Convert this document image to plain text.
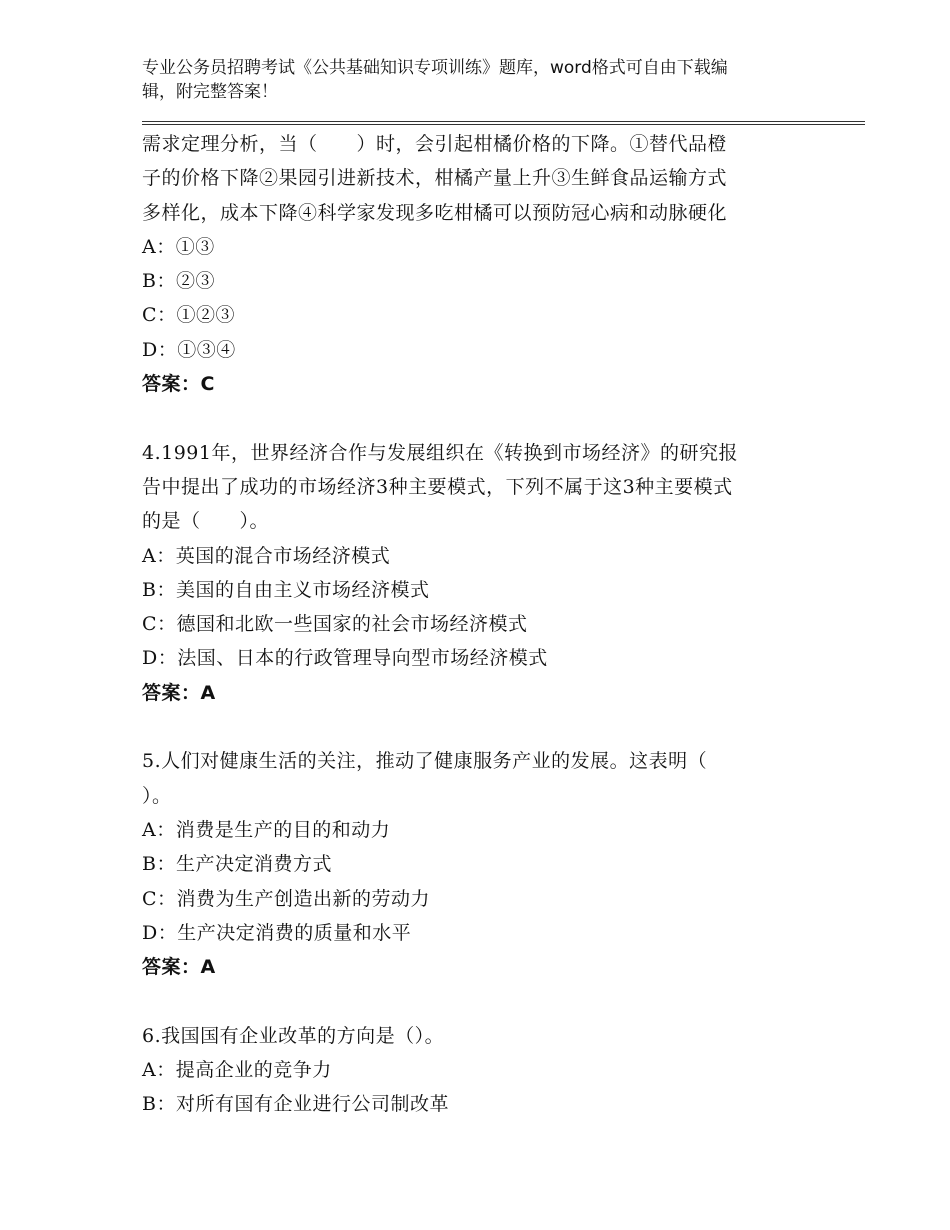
专业公务员招聘考试《公共基础知识专项训练》题库，word格式可自由下载编
辑，附完整答案！
需求定理分析，当（　　）时，会引起柑橘价格的下降。①替代品橙
子的价格下降②果园引进新技术，柑橘产量上升③生鲜食品运输方式
多样化，成本下降④科学家发现多吃柑橘可以预防冠心病和动脉硬化
A：①③
B：②③
C：①②③
D：①③④
答案：C
4.1991年，世界经济合作与发展组织在《转换到市场经济》的研究报
告中提出了成功的市场经济3种主要模式，下列不属于这3种主要模式
的是（　　）。
A：英国的混合市场经济模式
B：美国的自由主义市场经济模式
C：德国和北欧一些国家的社会市场经济模式
D：法国、日本的行政管理导向型市场经济模式
答案：A
5.人们对健康生活的关注，推动了健康服务产业的发展。这表明（
）。
A：消费是生产的目的和动力
B：生产决定消费方式
C：消费为生产创造出新的劳动力
D：生产决定消费的质量和水平
答案：A
6.我国国有企业改革的方向是（）。
A：提高企业的竞争力
B：对所有国有企业进行公司制改革
